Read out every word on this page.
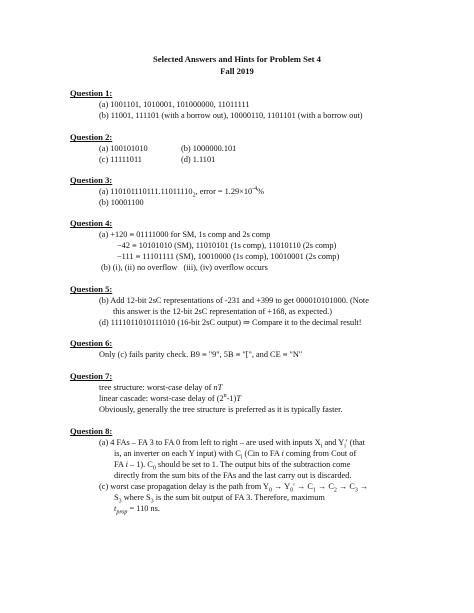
Selected Answers and Hints for Problem Set 4
Fall 2019
Question 1:
(a) 1001101, 1010001, 101000000, 11011111
(b) 11001, 111101 (with a borrow out), 10000110, 1101101 (with a borrow out)
Question 2:
(a) 100101010	(b) 1000000.101
(c) 11111011	(d) 1.1101
Question 3:
(a) $110101110111.11011110_2$, error = $1.29\times 10^{-4}\%$
(b) 10001100
Question 4:
(a) +120 ≡ 01111000 for SM, 1s comp and 2s comp
−42 ≡ 10101010 (SM), 11010101 (1s comp), 11010110 (2s comp)
−111 ≡ 11101111 (SM), 10010000 (1s comp), 10010001 (2s comp)
(b) (i), (ii) no overflow   (iii), (iv) overflow occurs
Question 5:
(b) Add 12-bit 2sC representations of -231 and +399 to get 000010101000. (Note
this answer is the 12-bit 2sC representation of +168, as expected.)
(d) 1111011010111010 (16-bit 2sC output) ⇒ Compare it to the decimal result!
Question 6:
Only (c) fails parity check. B9 ≡ "9", 5B ≡ "[", and CE ≡ "N"
Question 7:
tree structure: worst-case delay of nT
linear cascade: worst-case delay of (2$^n$-1)T
Obviously, generally the tree structure is preferred as it is typically faster.
Question 8:
(a) 4 FAs – FA 3 to FA 0 from left to right – are used with inputs $X_i$ and $Y_i'$ (that
is, an inverter on each Y input) with $C_i$ (Cin to FA i coming from Cout of
FA i – 1). $C_0$ should be set to 1. The output bits of the subtraction come
directly from the sum bits of the FAs and the last carry out is discarded.
(c) worst case propagation delay is the path from $Y_0 \to Y_0' \to C_1 \to C_2 \to C_3$ →
$S_3$ where $S_3$ is the sum bit output of FA 3. Therefore, maximum
$t_{prop} = 110$ ns.
